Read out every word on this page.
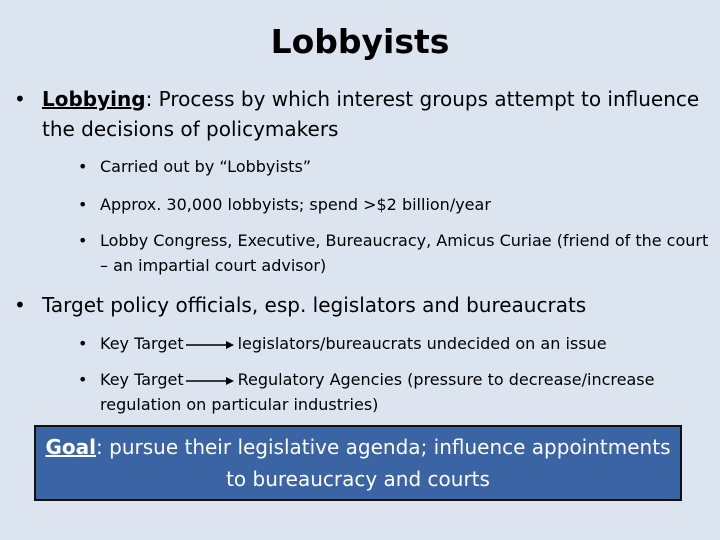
Lobbyists
• Lobbying: Process by which interest groups attempt to influence the decisions of policymakers
• Carried out by “Lobbyists”
• Approx. 30,000 lobbyists; spend >$2 billion/year
• Lobby Congress, Executive, Bureaucracy, Amicus Curiae (friend of the court – an impartial court advisor)
• Target policy officials, esp. legislators and bureaucrats
• Key Target	legislators/bureaucrats undecided on an issue
• Key Target	Regulatory Agencies (pressure to decrease/increase regulation on particular industries)
Goal: pursue their legislative agenda; influence appointments to bureaucracy and courts
